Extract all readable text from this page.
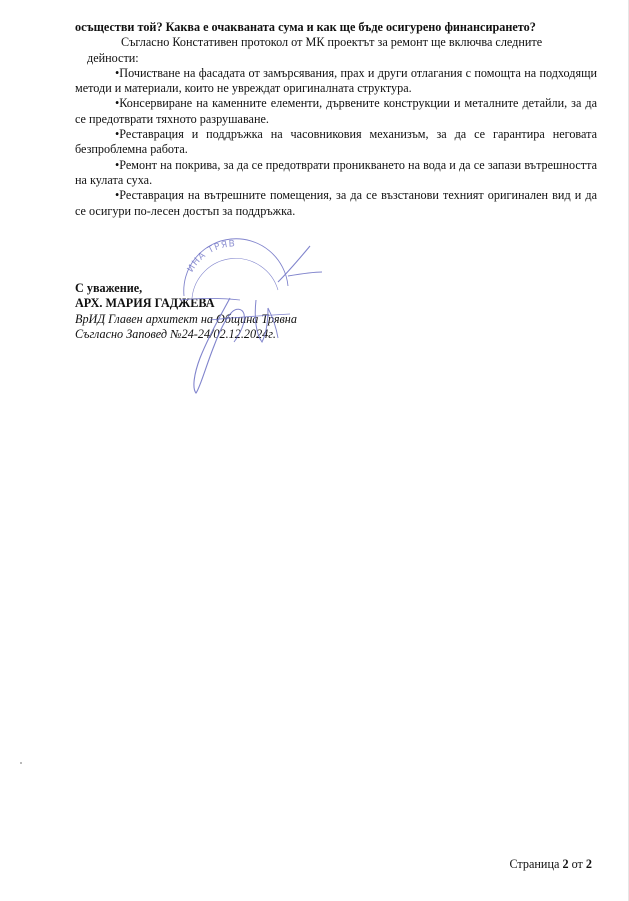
осъществи той? Каква е очакваната сума и как ще бъде осигурено финансирането?

Съгласно Констативен протокол от МК проектът за ремонт ще включва следните
дейности:

•Почистване на фасадата от замърсявания, прах и други отлагания с помощта на подходящи методи и материали, които не увреждат оригиналната структура.

•Консервиране на каменните елементи, дървените конструкции и металните детайли, за да се предотврати тяхното разрушаване.

•Реставрация и поддръжка на часовниковия механизъм, за да се гарантира неговата безпроблемна работа.

•Ремонт на покрива, за да се предотврати проникването на вода и да се запази вътрешността на кулата суха.

•Реставрация на вътрешните помещения, за да се възстанови техният оригинален вид и да се осигури по-лесен достъп за поддръжка.

С уважение,

АРХ. МАРИЯ ГАДЖЕВА

ВрИД Главен архитект на Община Трявна

Съгласно Заповед №24-24/02.12.2024г.

ИНА ТРЯВ
Страница 2 от 2
